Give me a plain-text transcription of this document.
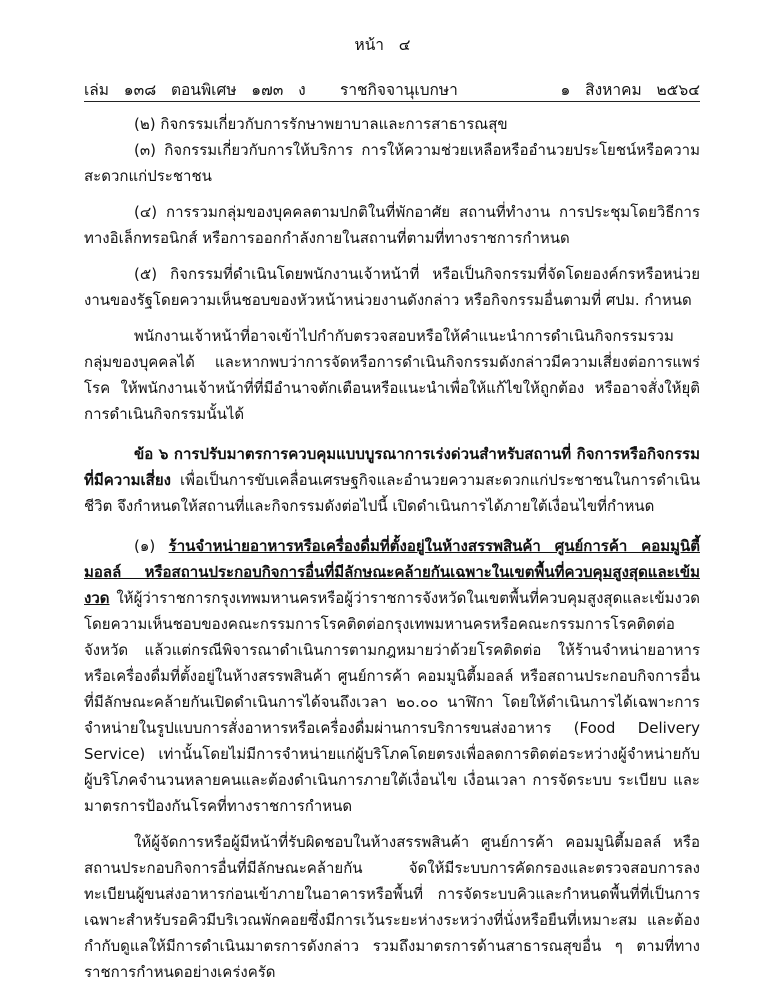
หน้า   ๔

เล่ม   ๑๓๘   ตอนพิเศษ   ๑๗๓   ง

ราชกิจจานุเบกษา

	๑   สิงหาคม   ๒๕๖๔

(๒) กิจกรรมเกี่ยวกับการรักษาพยาบาลและการสาธารณสุข

(๓) กิจกรรมเกี่ยวกับการให้บริการ การให้ความช่วยเหลือหรืออำนวยประโยชน์หรือความสะดวกแก่ประชาชน

(๔) การรวมกลุ่มของบุคคลตามปกติในที่พักอาศัย สถานที่ทำงาน การประชุมโดยวิธีการทางอิเล็กทรอนิกส์ หรือการออกกำลังกายในสถานที่ตามที่ทางราชการกำหนด

(๕) กิจกรรมที่ดำเนินโดยพนักงานเจ้าหน้าที่ หรือเป็นกิจกรรมที่จัดโดยองค์กรหรือหน่วยงานของรัฐโดยความเห็นชอบของหัวหน้าหน่วยงานดังกล่าว หรือกิจกรรมอื่นตามที่ ศปม. กำหนด

พนักงานเจ้าหน้าที่อาจเข้าไปกำกับตรวจสอบหรือให้คำแนะนำการดำเนินกิจกรรมรวมกลุ่มของบุคคลได้ และหากพบว่าการจัดหรือการดำเนินกิจกรรมดังกล่าวมีความเสี่ยงต่อการแพร่โรค ให้พนักงานเจ้าหน้าที่ที่มีอำนาจตักเตือนหรือแนะนำเพื่อให้แก้ไขให้ถูกต้อง หรืออาจสั่งให้ยุติการดำเนินกิจกรรมนั้นได้

ข้อ ๖ การปรับมาตรการควบคุมแบบบูรณาการเร่งด่วนสำหรับสถานที่ กิจการหรือกิจกรรมที่มีความเสี่ยง เพื่อเป็นการขับเคลื่อนเศรษฐกิจและอำนวยความสะดวกแก่ประชาชนในการดำเนินชีวิต จึงกำหนดให้สถานที่และกิจกรรมดังต่อไปนี้ เปิดดำเนินการได้ภายใต้เงื่อนไขที่กำหนด

(๑) ร้านจำหน่ายอาหารหรือเครื่องดื่มที่ตั้งอยู่ในห้างสรรพสินค้า ศูนย์การค้า คอมมูนิตี้มอลล์ หรือสถานประกอบกิจการอื่นที่มีลักษณะคล้ายกันเฉพาะในเขตพื้นที่ควบคุมสูงสุดและเข้มงวด ให้ผู้ว่าราชการกรุงเทพมหานครหรือผู้ว่าราชการจังหวัดในเขตพื้นที่ควบคุมสูงสุดและเข้มงวด โดยความเห็นชอบของคณะกรรมการโรคติดต่อกรุงเทพมหานครหรือคณะกรรมการโรคติดต่อจังหวัด แล้วแต่กรณีพิจารณาดำเนินการตามกฎหมายว่าด้วยโรคติดต่อ ให้ร้านจำหน่ายอาหารหรือเครื่องดื่มที่ตั้งอยู่ในห้างสรรพสินค้า ศูนย์การค้า คอมมูนิตี้มอลล์ หรือสถานประกอบกิจการอื่นที่มีลักษณะคล้ายกันเปิดดำเนินการได้จนถึงเวลา ๒๐.๐๐ นาฬิกา โดยให้ดำเนินการได้เฉพาะการจำหน่ายในรูปแบบการสั่งอาหารหรือเครื่องดื่มผ่านการบริการขนส่งอาหาร (Food Delivery Service) เท่านั้นโดยไม่มีการจำหน่ายแก่ผู้บริโภคโดยตรงเพื่อลดการติดต่อระหว่างผู้จำหน่ายกับผู้บริโภคจำนวนหลายคนและต้องดำเนินการภายใต้เงื่อนไข เงื่อนเวลา การจัดระบบ ระเบียบ และมาตรการป้องกันโรคที่ทางราชการกำหนด

ให้ผู้จัดการหรือผู้มีหน้าที่รับผิดชอบในห้างสรรพสินค้า ศูนย์การค้า คอมมูนิตี้มอลล์ หรือสถานประกอบกิจการอื่นที่มีลักษณะคล้ายกัน จัดให้มีระบบการคัดกรองและตรวจสอบการลงทะเบียนผู้ขนส่งอาหารก่อนเข้าภายในอาคารหรือพื้นที่ การจัดระบบคิวและกำหนดพื้นที่ที่เป็นการเฉพาะสำหรับรอคิวมีบริเวณพักคอยซึ่งมีการเว้นระยะห่างระหว่างที่นั่งหรือยืนที่เหมาะสม และต้องกำกับดูแลให้มีการดำเนินมาตรการดังกล่าว รวมถึงมาตรการด้านสาธารณสุขอื่น ๆ ตามที่ทางราชการกำหนดอย่างเคร่งครัด
